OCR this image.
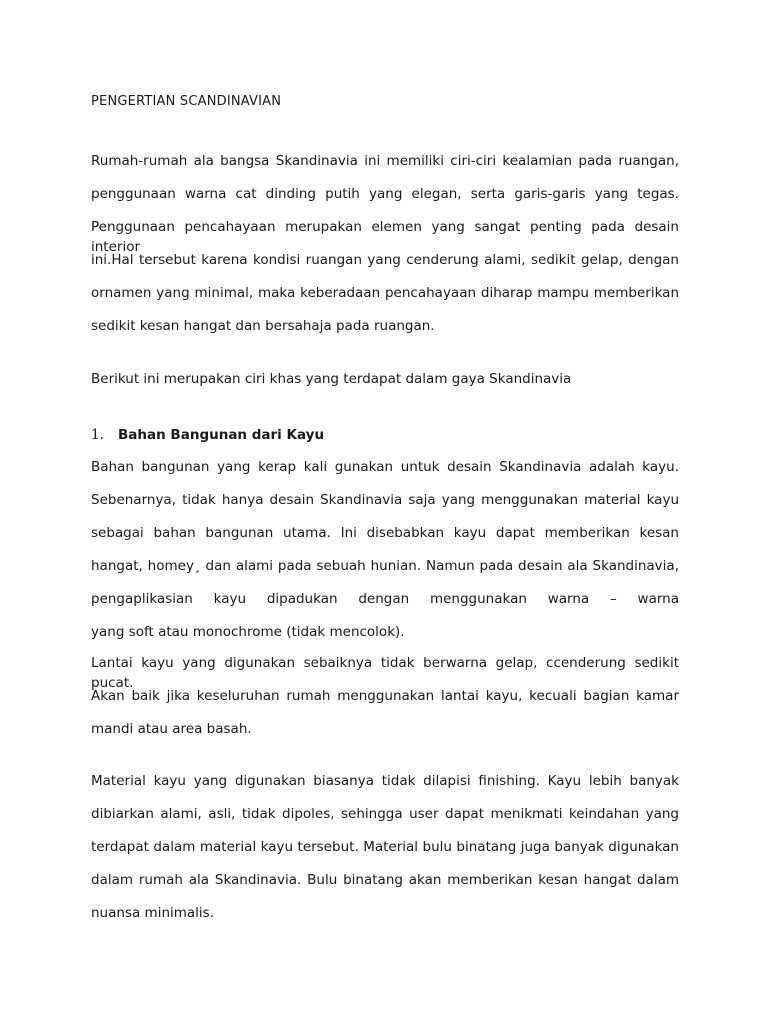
PENGERTIAN SCANDINAVIAN
Rumah-rumah ala bangsa Skandinavia ini memiliki ciri-ciri kealamian pada ruangan,
penggunaan warna cat dinding putih yang elegan, serta garis-garis yang tegas.
Penggunaan pencahayaan merupakan elemen yang sangat penting pada desain interior
ini.Hal tersebut karena kondisi ruangan yang cenderung alami, sedikit gelap, dengan
ornamen yang minimal, maka keberadaan pencahayaan diharap mampu memberikan
sedikit kesan hangat dan bersahaja pada ruangan.
Berikut ini merupakan ciri khas yang terdapat dalam gaya Skandinavia
1. Bahan Bangunan dari Kayu
Bahan bangunan yang kerap kali gunakan untuk desain Skandinavia adalah kayu.
Sebenarnya, tidak hanya desain Skandinavia saja yang menggunakan material kayu
sebagai bahan bangunan utama. Ini disebabkan kayu dapat memberikan kesan
hangat, homey¸ dan alami pada sebuah hunian. Namun pada desain ala Skandinavia,
pengaplikasian kayu dipadukan dengan menggunakan warna – warna
yang soft atau monochrome (tidak mencolok).
Lantai kayu yang digunakan sebaiknya tidak berwarna gelap, ccenderung sedikit pucat.
Akan baik jika keseluruhan rumah menggunakan lantai kayu, kecuali bagian kamar
mandi atau area basah.
Material kayu yang digunakan biasanya tidak dilapisi finishing. Kayu lebih banyak
dibiarkan alami, asli, tidak dipoles, sehingga user dapat menikmati keindahan yang
terdapat dalam material kayu tersebut. Material bulu binatang juga banyak digunakan
dalam rumah ala Skandinavia. Bulu binatang akan memberikan kesan hangat dalam
nuansa minimalis.
